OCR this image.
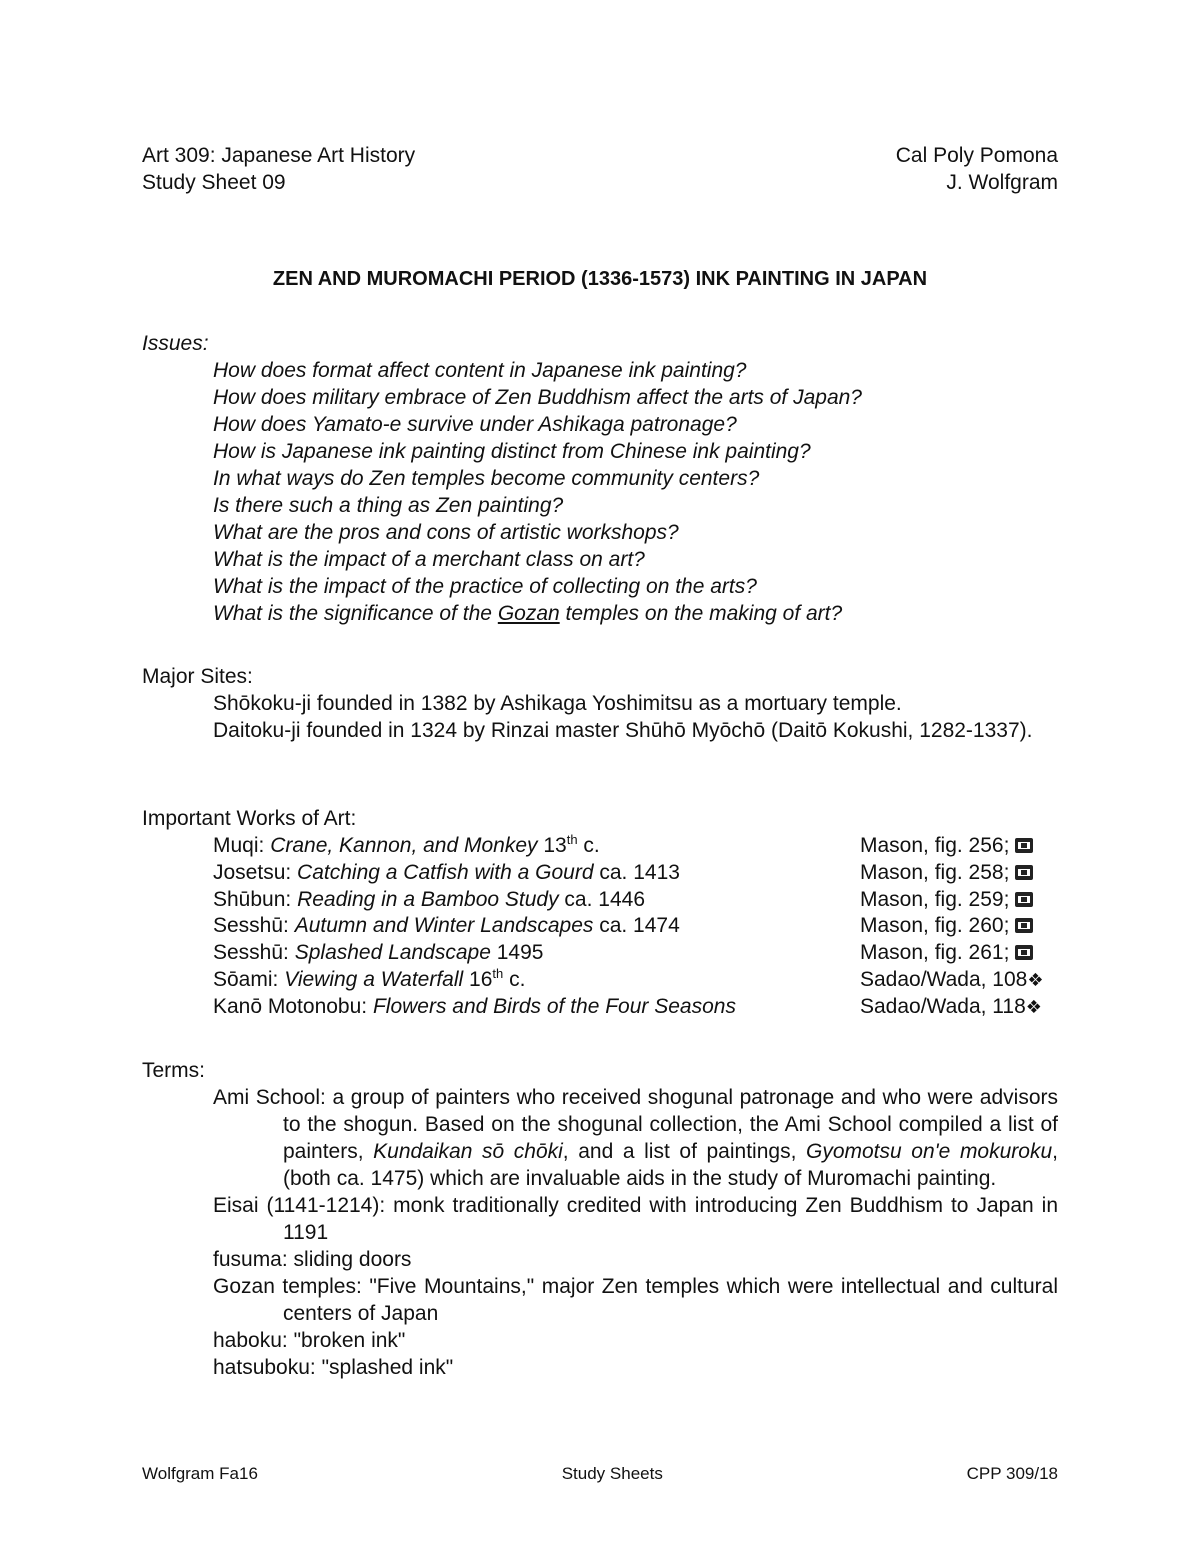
Art 309: Japanese Art History	Cal Poly Pomona
Study Sheet 09	J. Wolfgram
ZEN AND MUROMACHI PERIOD (1336-1573) INK PAINTING IN JAPAN
Issues:
How does format affect content in Japanese ink painting?
How does military embrace of Zen Buddhism affect the arts of Japan?
How does Yamato-e survive under Ashikaga patronage?
How is Japanese ink painting distinct from Chinese ink painting?
In what ways do Zen temples become community centers?
Is there such a thing as Zen painting?
What are the pros and cons of artistic workshops?
What is the impact of a merchant class on art?
What is the impact of the practice of collecting on the arts?
What is the significance of the Gozan temples on the making of art?
Major Sites:
Shōkoku-ji founded in 1382 by Ashikaga Yoshimitsu as a mortuary temple.
Daitoku-ji founded in 1324 by Rinzai master Shūhō Myōchō (Daitō Kokushi, 1282-1337).
Important Works of Art:
Muqi: Crane, Kannon, and Monkey 13th c.	Mason, fig. 256;
Josetsu: Catching a Catfish with a Gourd ca. 1413	Mason, fig. 258;
Shūbun: Reading in a Bamboo Study ca. 1446	Mason, fig. 259;
Sesshū: Autumn and Winter Landscapes ca. 1474	Mason, fig. 260;
Sesshū: Splashed Landscape 1495	Mason, fig. 261;
Sōami: Viewing a Waterfall 16th c.	Sadao/Wada, 108❖
Kanō Motonobu: Flowers and Birds of the Four Seasons	Sadao/Wada, 118❖
Terms:
Ami School: a group of painters who received shogunal patronage and who were advisors to the shogun. Based on the shogunal collection, the Ami School compiled a list of painters, Kundaikan sō chōki, and a list of paintings, Gyomotsu on'e mokuroku, (both ca. 1475) which are invaluable aids in the study of Muromachi painting.
Eisai (1141-1214): monk traditionally credited with introducing Zen Buddhism to Japan in 1191
fusuma: sliding doors
Gozan temples: "Five Mountains," major Zen temples which were intellectual and cultural centers of Japan
haboku: "broken ink"
hatsuboku: "splashed ink"
Wolfgram Fa16	Study Sheets	CPP 309/18
